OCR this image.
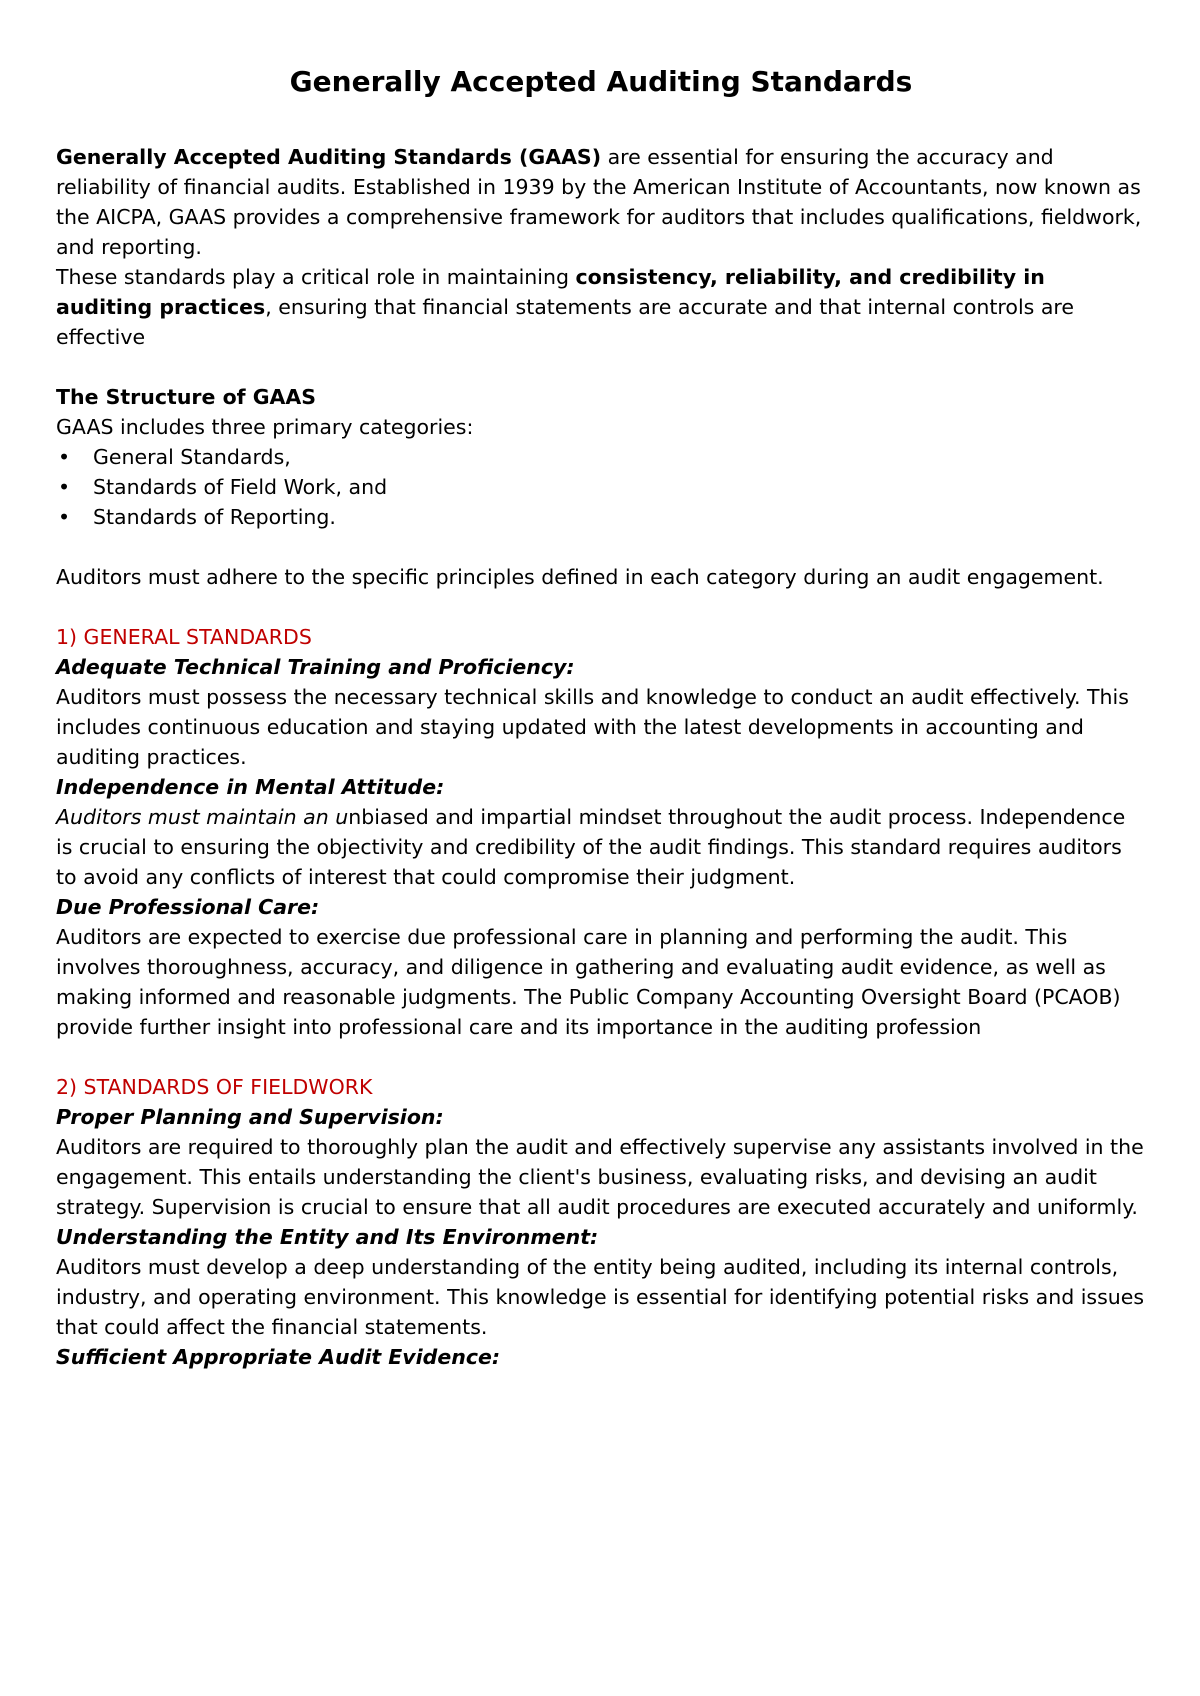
Generally Accepted Auditing Standards

Generally Accepted Auditing Standards (GAAS) are essential for ensuring the accuracy and reliability of financial audits. Established in 1939 by the American Institute of Accountants, now known as the AICPA, GAAS provides a comprehensive framework for auditors that includes qualifications, fieldwork, and reporting.

These standards play a critical role in maintaining consistency, reliability, and credibility in auditing practices, ensuring that financial statements are accurate and that internal controls are effective

The Structure of GAAS

GAAS includes three primary categories:

• General Standards,
• Standards of Field Work, and
• Standards of Reporting.

Auditors must adhere to the specific principles defined in each category during an audit engagement.

1) GENERAL STANDARDS

Adequate Technical Training and Proficiency:

Auditors must possess the necessary technical skills and knowledge to conduct an audit effectively. This includes continuous education and staying updated with the latest developments in accounting and auditing practices.

Independence in Mental Attitude:

Auditors must maintain an unbiased and impartial mindset throughout the audit process. Independence is crucial to ensuring the objectivity and credibility of the audit findings. This standard requires auditors to avoid any conflicts of interest that could compromise their judgment.

Due Professional Care:

Auditors are expected to exercise due professional care in planning and performing the audit. This involves thoroughness, accuracy, and diligence in gathering and evaluating audit evidence, as well as making informed and reasonable judgments. The Public Company Accounting Oversight Board (PCAOB) provide further insight into professional care and its importance in the auditing profession

2) STANDARDS OF FIELDWORK

Proper Planning and Supervision:

Auditors are required to thoroughly plan the audit and effectively supervise any assistants involved in the engagement. This entails understanding the client's business, evaluating risks, and devising an audit strategy. Supervision is crucial to ensure that all audit procedures are executed accurately and uniformly.

Understanding the Entity and Its Environment:

Auditors must develop a deep understanding of the entity being audited, including its internal controls, industry, and operating environment. This knowledge is essential for identifying potential risks and issues that could affect the financial statements.

Sufficient Appropriate Audit Evidence:
